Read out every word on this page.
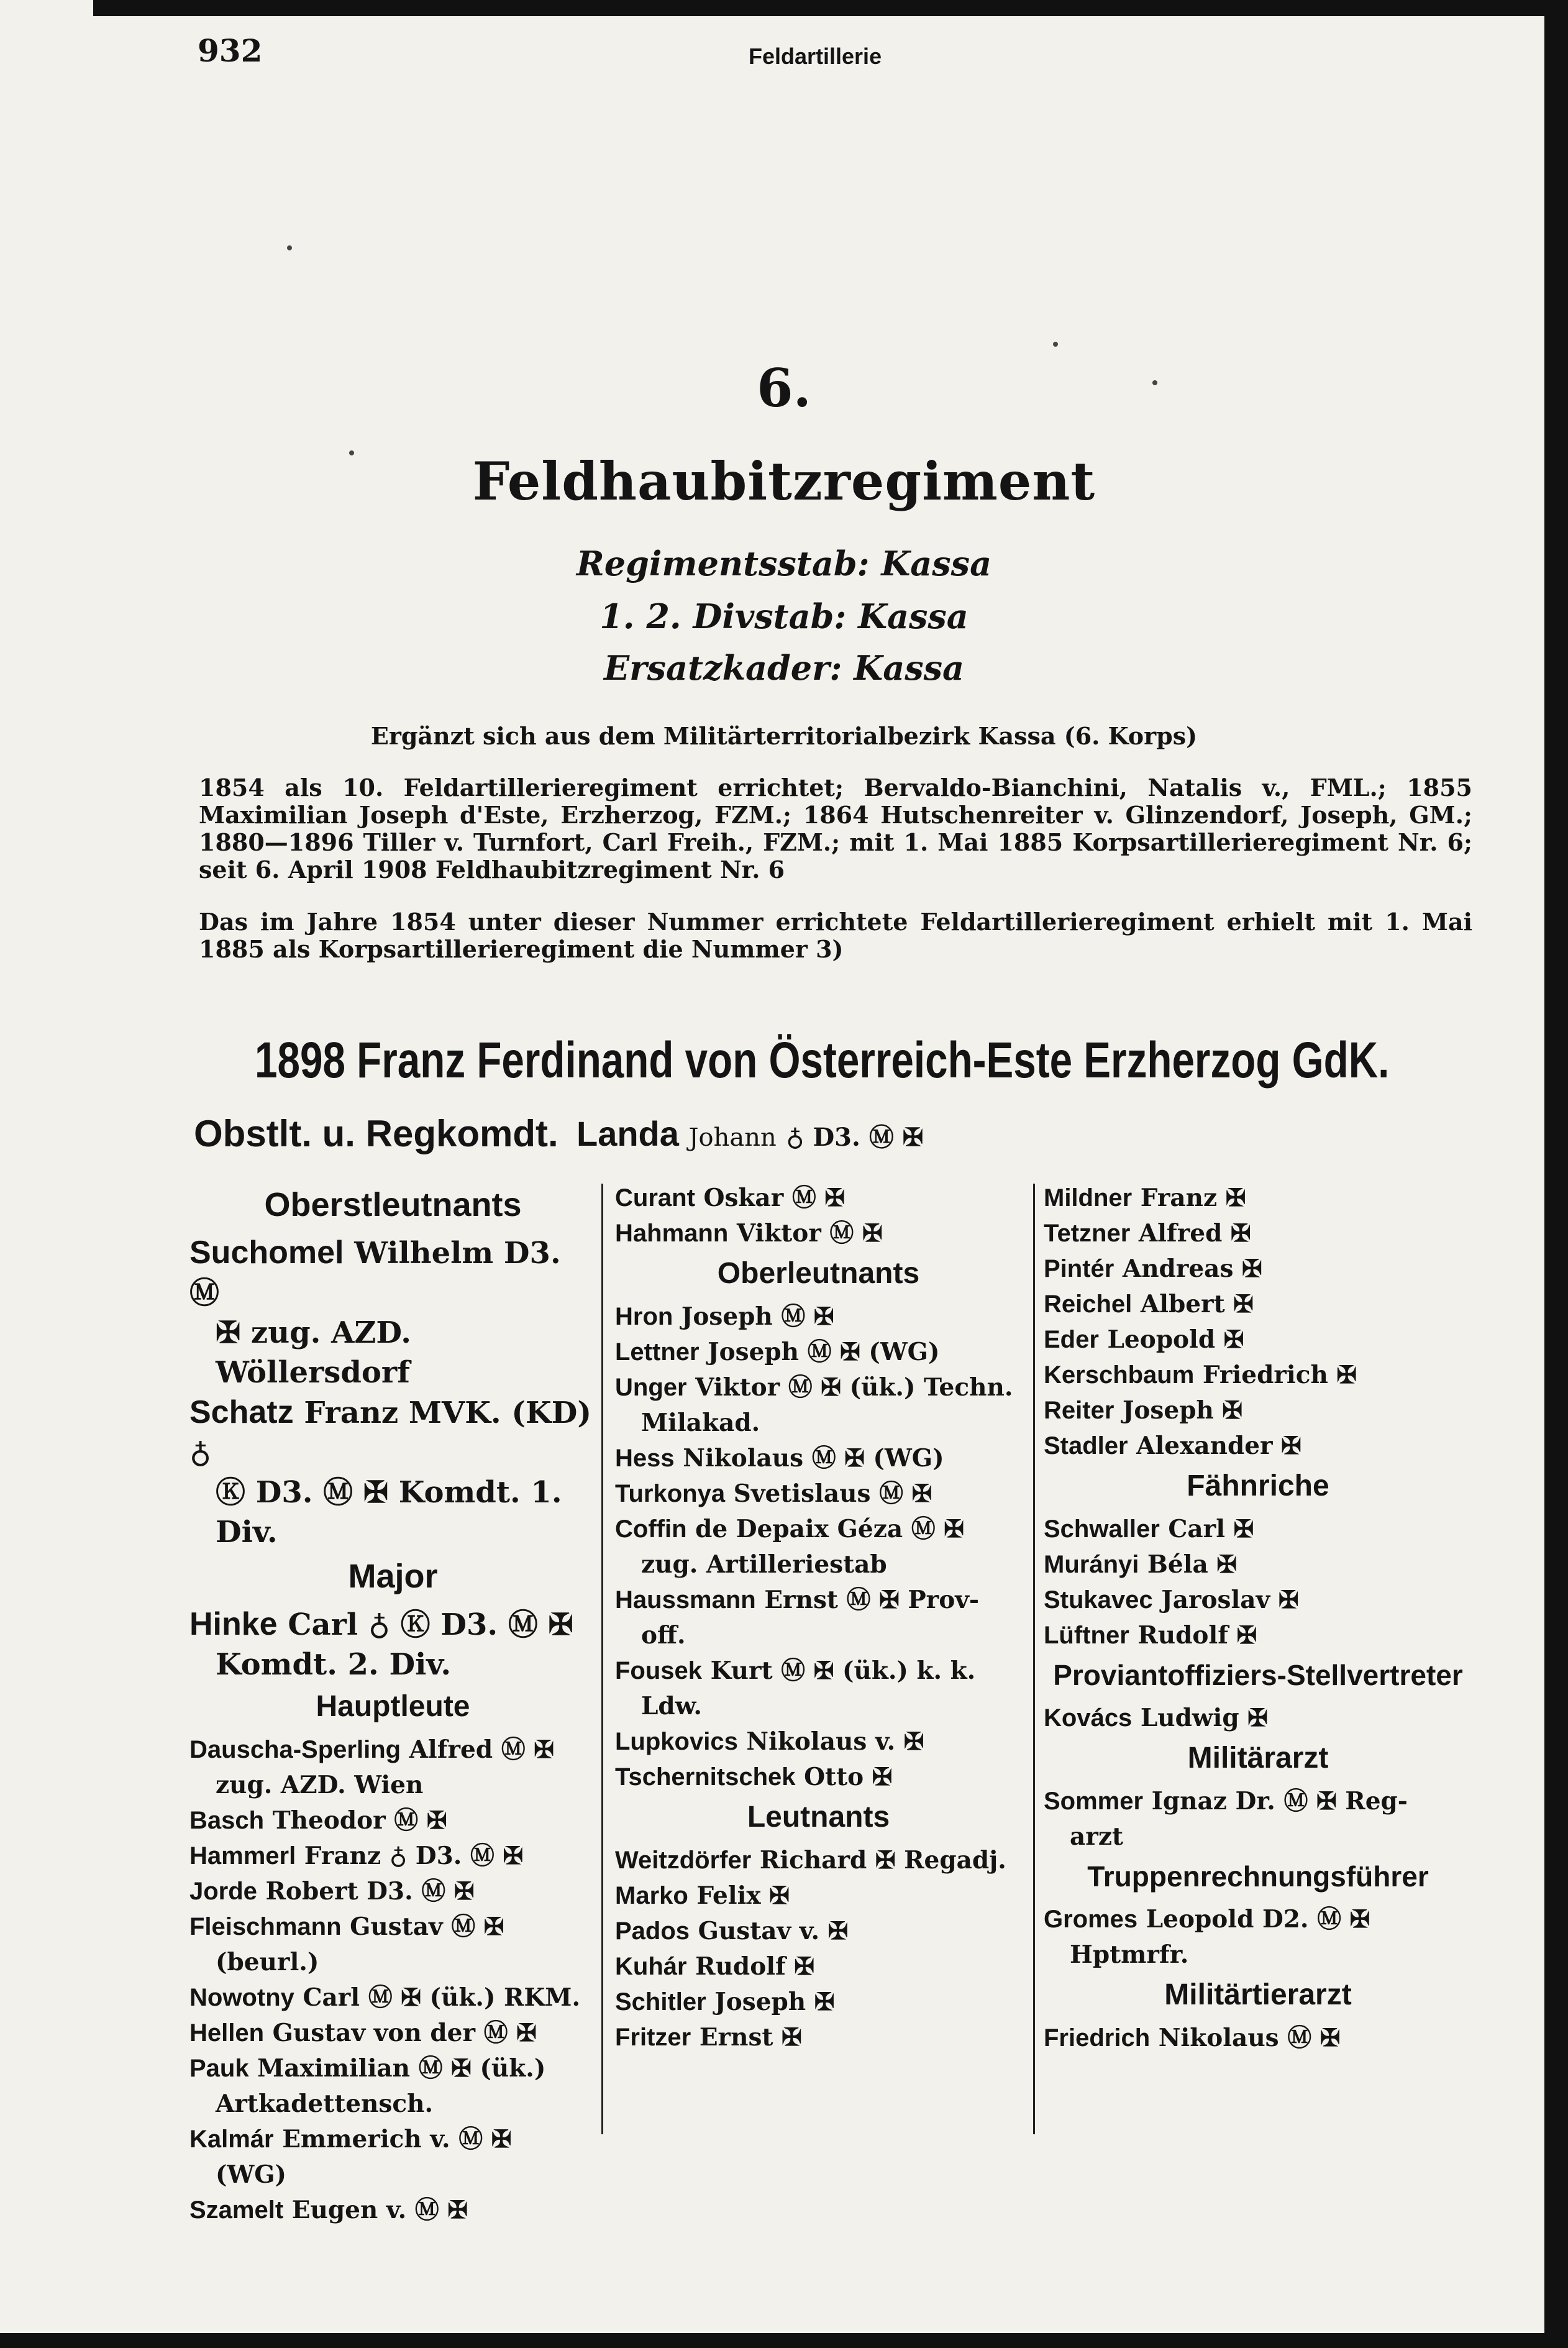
932	Feldartillerie
6.
Feldhaubitzregiment
Regimentsstab: Kassa
1. 2. Divstab: Kassa
Ersatzkader: Kassa
Ergänzt sich aus dem Militärterritorialbezirk Kassa (6. Korps)
1854 als 10. Feldartillerieregiment errichtet; Bervaldo-Bianchini, Natalis v., FML.; 1855 Maximilian Joseph d'Este, Erzherzog, FZM.; 1864 Hutschenreiter v. Glinzendorf, Joseph, GM.; 1880—1896 Tiller v. Turnfort, Carl Freih., FZM.; mit 1. Mai 1885 Korpsartillerieregiment Nr. 6; seit 6. April 1908 Feldhaubitzregiment Nr. 6
Das im Jahre 1854 unter dieser Nummer errichtete Feldartillerieregiment erhielt mit 1. Mai 1885 als Korpsartillerieregiment die Nummer 3)
1898 Franz Ferdinand von Österreich-Este Erzherzog GdK.
Obstlt. u. Regkomdt. Landa Johann ♁ D3. Ⓜ ✠
Oberstleutnants
Suchomel Wilhelm D3. Ⓜ
✠ zug. AZD. Wöllersdorf
Schatz Franz MVK. (KD) ♁
Ⓚ D3. Ⓜ ✠ Komdt. 1. Div.
Major
Hinke Carl ♁ Ⓚ D3. Ⓜ ✠
Komdt. 2. Div.
Hauptleute
Dauscha-Sperling Alfred Ⓜ ✠
zug. AZD. Wien
Basch Theodor Ⓜ ✠
Hammerl Franz ♁ D3. Ⓜ ✠
Jorde Robert D3. Ⓜ ✠
Fleischmann Gustav Ⓜ ✠
(beurl.)
Nowotny Carl Ⓜ ✠ (ük.) RKM.
Hellen Gustav von der Ⓜ ✠
Pauk Maximilian Ⓜ ✠ (ük.)
Artkadettensch.
Kalmár Emmerich v. Ⓜ ✠
(WG)
Szamelt Eugen v. Ⓜ ✠
Curant Oskar Ⓜ ✠
Hahmann Viktor Ⓜ ✠
Oberleutnants
Hron Joseph Ⓜ ✠
Lettner Joseph Ⓜ ✠ (WG)
Unger Viktor Ⓜ ✠ (ük.) Techn.
Milakad.
Hess Nikolaus Ⓜ ✠ (WG)
Turkonya Svetislaus Ⓜ ✠
Coffin de Depaix Géza Ⓜ ✠
zug. Artilleriestab
Haussmann Ernst Ⓜ ✠ Prov-
off.
Fousek Kurt Ⓜ ✠ (ük.) k. k.
Ldw.
Lupkovics Nikolaus v. ✠
Tschernitschek Otto ✠
Leutnants
Weitzdörfer Richard ✠ Regadj.
Marko Felix ✠
Pados Gustav v. ✠
Kuhár Rudolf ✠
Schitler Joseph ✠
Fritzer Ernst ✠
Mildner Franz ✠
Tetzner Alfred ✠
Pintér Andreas ✠
Reichel Albert ✠
Eder Leopold ✠
Kerschbaum Friedrich ✠
Reiter Joseph ✠
Stadler Alexander ✠
Fähnriche
Schwaller Carl ✠
Murányi Béla ✠
Stukavec Jaroslav ✠
Lüftner Rudolf ✠
Proviantoffiziers-Stellvertreter
Kovács Ludwig ✠
Militärarzt
Sommer Ignaz Dr. Ⓜ ✠ Reg-
arzt
Truppenrechnungsführer
Gromes Leopold D2. Ⓜ ✠
Hptmrfr.
Militärtierarzt
Friedrich Nikolaus Ⓜ ✠
